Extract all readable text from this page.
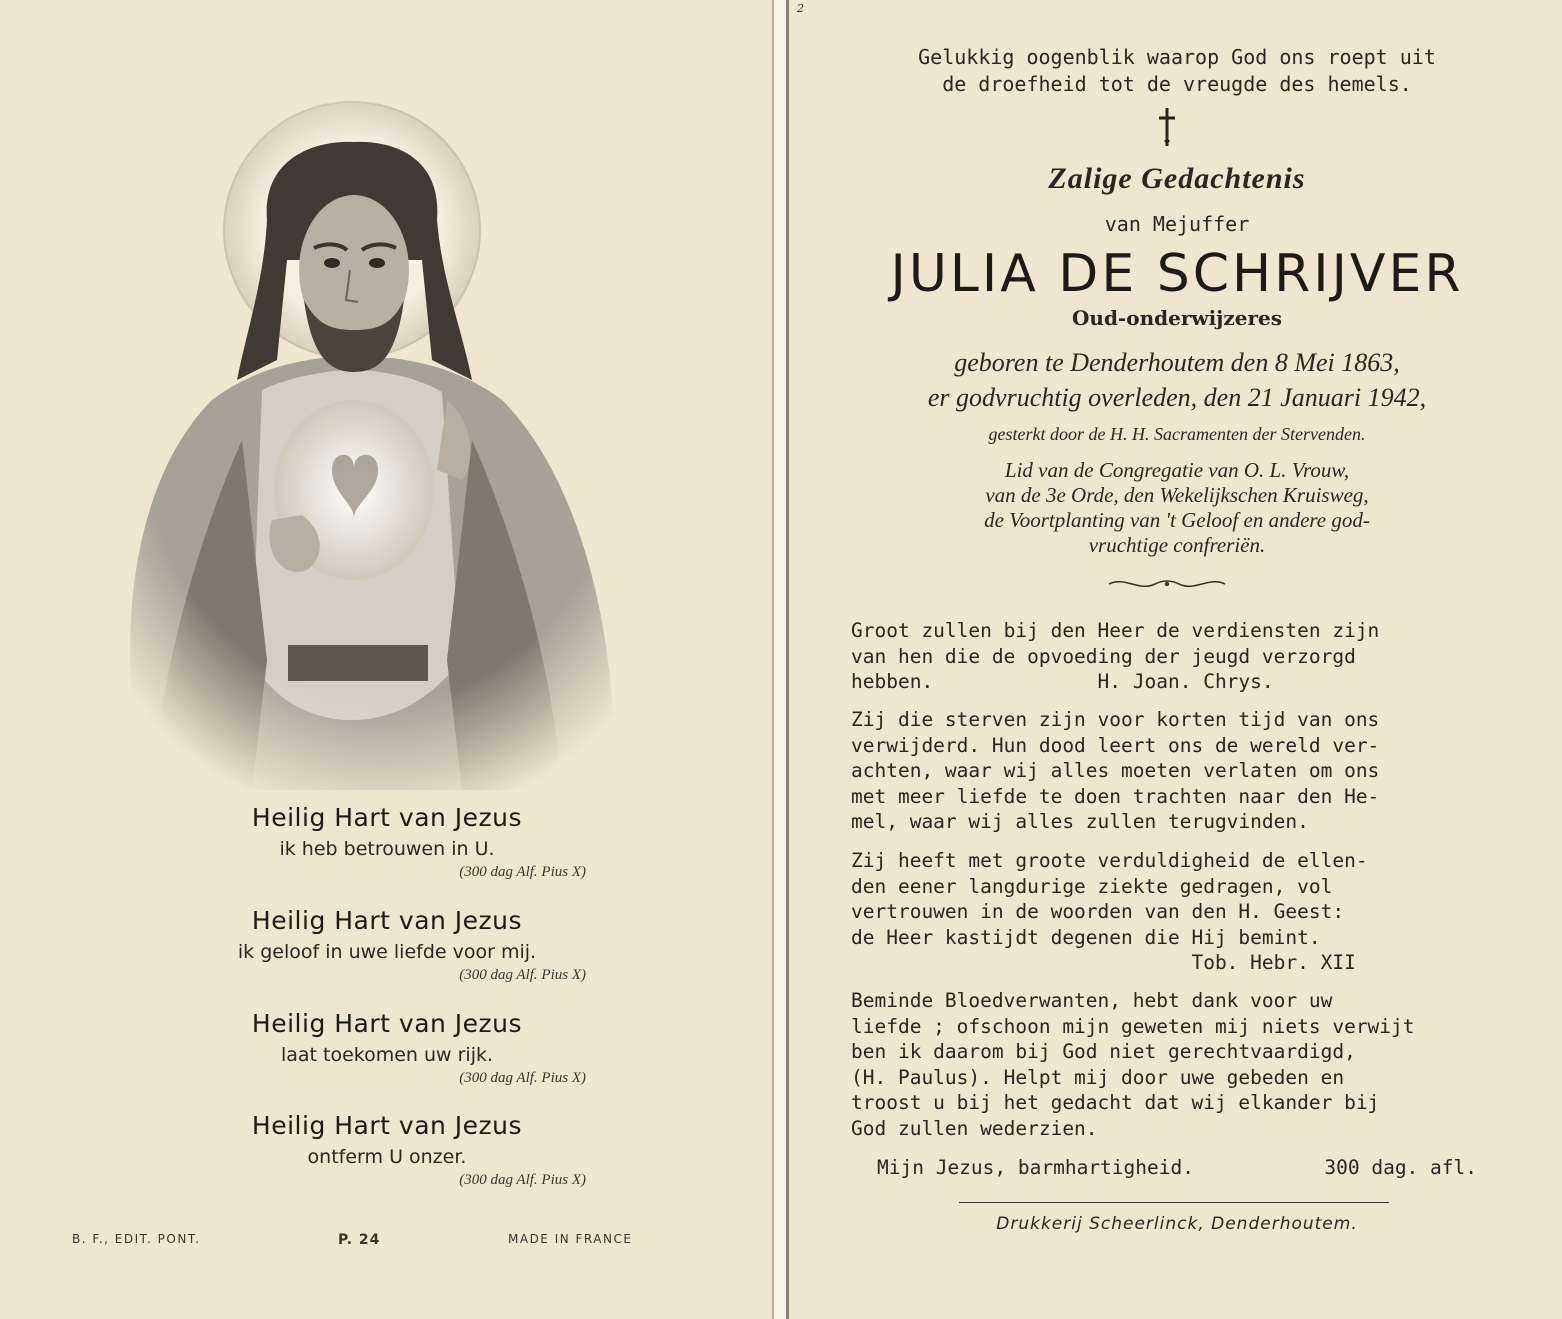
Heilig Hart van Jezus
ik heb betrouwen in U.
(300 dag Alf. Pius X)
Heilig Hart van Jezus
ik geloof in uwe liefde voor mij.
(300 dag Alf. Pius X)
Heilig Hart van Jezus
laat toekomen uw rijk.
(300 dag Alf. Pius X)
Heilig Hart van Jezus
ontferm U onzer.
(300 dag Alf. Pius X)
B. F., EDIT. PONT.	P. 24	MADE IN FRANCE
2
Gelukkig oogenblik waarop God ons roept uit
de droefheid tot de vreugde des hemels.
Zalige Gedachtenis
van Mejuffer
JULIA DE SCHRIJVER
Oud-onderwijzeres
geboren te Denderhoutem den 8 Mei 1863,
er godvruchtig overleden, den 21 Januari 1942,
gesterkt door de H. H. Sacramenten der Stervenden.
Lid van de Congregatie van O. L. Vrouw,
van de 3e Orde, den Wekelijkschen Kruisweg,
de Voortplanting van 't Geloof en andere god-
vruchtige confreriën.
Groot zullen bij den Heer de verdiensten zijn
van hen die de opvoeding der jeugd verzorgd
hebben.              H. Joan. Chrys.
Zij die sterven zijn voor korten tijd van ons
verwijderd. Hun dood leert ons de wereld ver-
achten, waar wij alles moeten verlaten om ons
met meer liefde te doen trachten naar den He-
mel, waar wij alles zullen terugvinden.
Zij heeft met groote verduldigheid de ellen-
den eener langdurige ziekte gedragen, vol
vertrouwen in de woorden van den H. Geest:
de Heer kastijdt degenen die Hij bemint.
Tob. Hebr. XII
Beminde Bloedverwanten, hebt dank voor uw
liefde ; ofschoon mijn geweten mij niets verwijt
ben ik daarom bij God niet gerechtvaardigd,
(H. Paulus). Helpt mij door uwe gebeden en
troost u bij het gedacht dat wij elkander bij
God zullen wederzien.
Mijn Jezus, barmhartigheid.	300 dag. afl.
Drukkerij Scheerlinck, Denderhoutem.
